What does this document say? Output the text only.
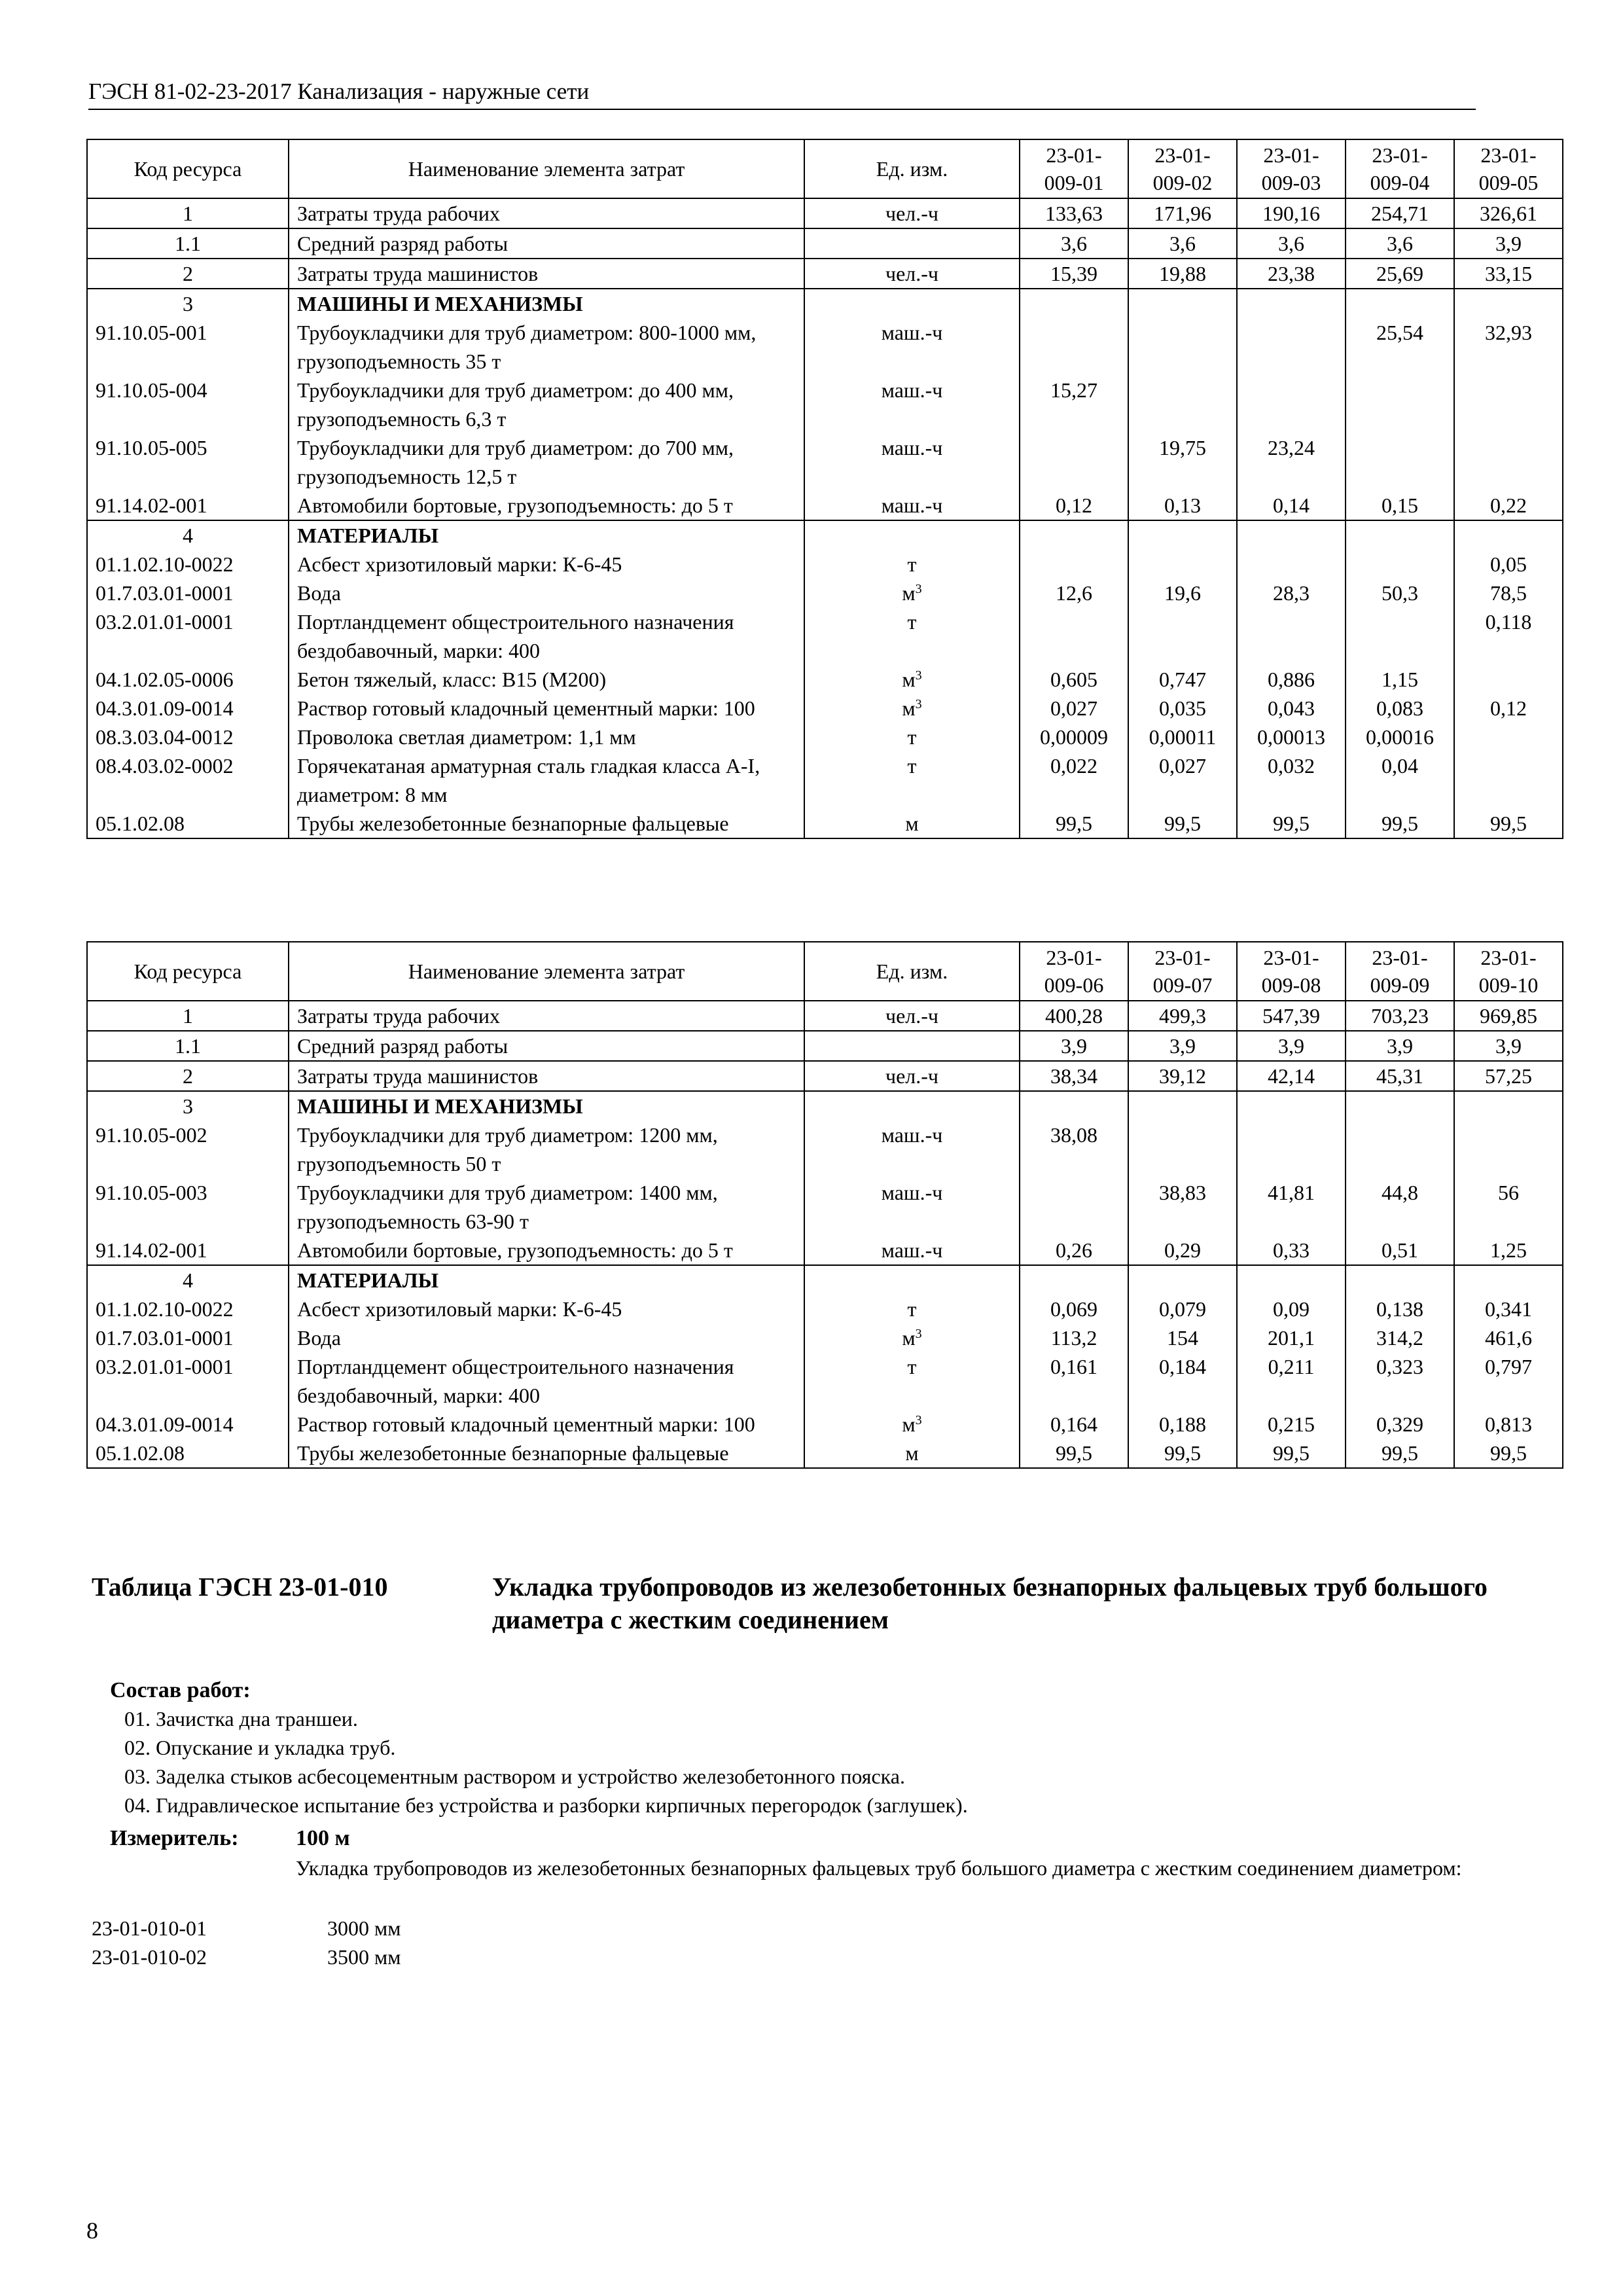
ГЭСН 81-02-23-2017 Канализация - наружные сети
Код ресурса	Наименование элемента затрат	Ед. изм.	23-01-009-01	23-01-009-02	23-01-009-03	23-01-009-04	23-01-009-05
1	Затраты труда рабочих	чел.-ч	133,63	171,96	190,16	254,71	326,61
1.1	Средний разряд работы		3,6	3,6	3,6	3,6	3,9
2	Затраты труда машинистов	чел.-ч	15,39	19,88	23,38	25,69	33,15
3	МАШИНЫ И МЕХАНИЗМЫ						
91.10.05-001	Трубоукладчики для труб диаметром: 800-1000 мм, грузоподъемность 35 т	маш.-ч				25,54	32,93
91.10.05-004	Трубоукладчики для труб диаметром: до 400 мм, грузоподъемность 6,3 т	маш.-ч	15,27				
91.10.05-005	Трубоукладчики для труб диаметром: до 700 мм, грузоподъемность 12,5 т	маш.-ч		19,75	23,24		
91.14.02-001	Автомобили бортовые, грузоподъемность: до 5 т	маш.-ч	0,12	0,13	0,14	0,15	0,22
4	МАТЕРИАЛЫ						
01.1.02.10-0022	Асбест хризотиловый марки: К-6-45	т					0,05
01.7.03.01-0001	Вода	$м^3$	12,6	19,6	28,3	50,3	78,5
03.2.01.01-0001	Портландцемент общестроительного назначения бездобавочный, марки: 400	т					0,118
04.1.02.05-0006	Бетон тяжелый, класс: В15 (М200)	$м^3$	0,605	0,747	0,886	1,15	
04.3.01.09-0014	Раствор готовый кладочный цементный марки: 100	$м^3$	0,027	0,035	0,043	0,083	0,12
08.3.03.04-0012	Проволока светлая диаметром: 1,1 мм	т	0,00009	0,00011	0,00013	0,00016	
08.4.03.02-0002	Горячекатаная арматурная сталь гладкая класса А-I, диаметром: 8 мм	т	0,022	0,027	0,032	0,04	
05.1.02.08	Трубы железобетонные безнапорные фальцевые	м	99,5	99,5	99,5	99,5	99,5
Код ресурса	Наименование элемента затрат	Ед. изм.	23-01-009-06	23-01-009-07	23-01-009-08	23-01-009-09	23-01-009-10
1	Затраты труда рабочих	чел.-ч	400,28	499,3	547,39	703,23	969,85
1.1	Средний разряд работы		3,9	3,9	3,9	3,9	3,9
2	Затраты труда машинистов	чел.-ч	38,34	39,12	42,14	45,31	57,25
3	МАШИНЫ И МЕХАНИЗМЫ						
91.10.05-002	Трубоукладчики для труб диаметром: 1200 мм, грузоподъемность 50 т	маш.-ч	38,08				
91.10.05-003	Трубоукладчики для труб диаметром: 1400 мм, грузоподъемность 63-90 т	маш.-ч		38,83	41,81	44,8	56
91.14.02-001	Автомобили бортовые, грузоподъемность: до 5 т	маш.-ч	0,26	0,29	0,33	0,51	1,25
4	МАТЕРИАЛЫ						
01.1.02.10-0022	Асбест хризотиловый марки: К-6-45	т	0,069	0,079	0,09	0,138	0,341
01.7.03.01-0001	Вода	$м^3$	113,2	154	201,1	314,2	461,6
03.2.01.01-0001	Портландцемент общестроительного назначения бездобавочный, марки: 400	т	0,161	0,184	0,211	0,323	0,797
04.3.01.09-0014	Раствор готовый кладочный цементный марки: 100	$м^3$	0,164	0,188	0,215	0,329	0,813
05.1.02.08	Трубы железобетонные безнапорные фальцевые	м	99,5	99,5	99,5	99,5	99,5
Таблица ГЭСН 23-01-010	Укладка трубопроводов из железобетонных безнапорных фальцевых труб большого диаметра с жестким соединением
Состав работ:
01. Зачистка дна траншеи.
02. Опускание и укладка труб.
03. Заделка стыков асбесоцементным раствором и устройство железобетонного пояска.
04. Гидравлическое испытание без устройства и разборки кирпичных перегородок (заглушек).
Измеритель:	100 м
Укладка трубопроводов из железобетонных безнапорных фальцевых труб большого диаметра с жестким соединением диаметром:
23-01-010-01	3000 мм
23-01-010-02	3500 мм
8
